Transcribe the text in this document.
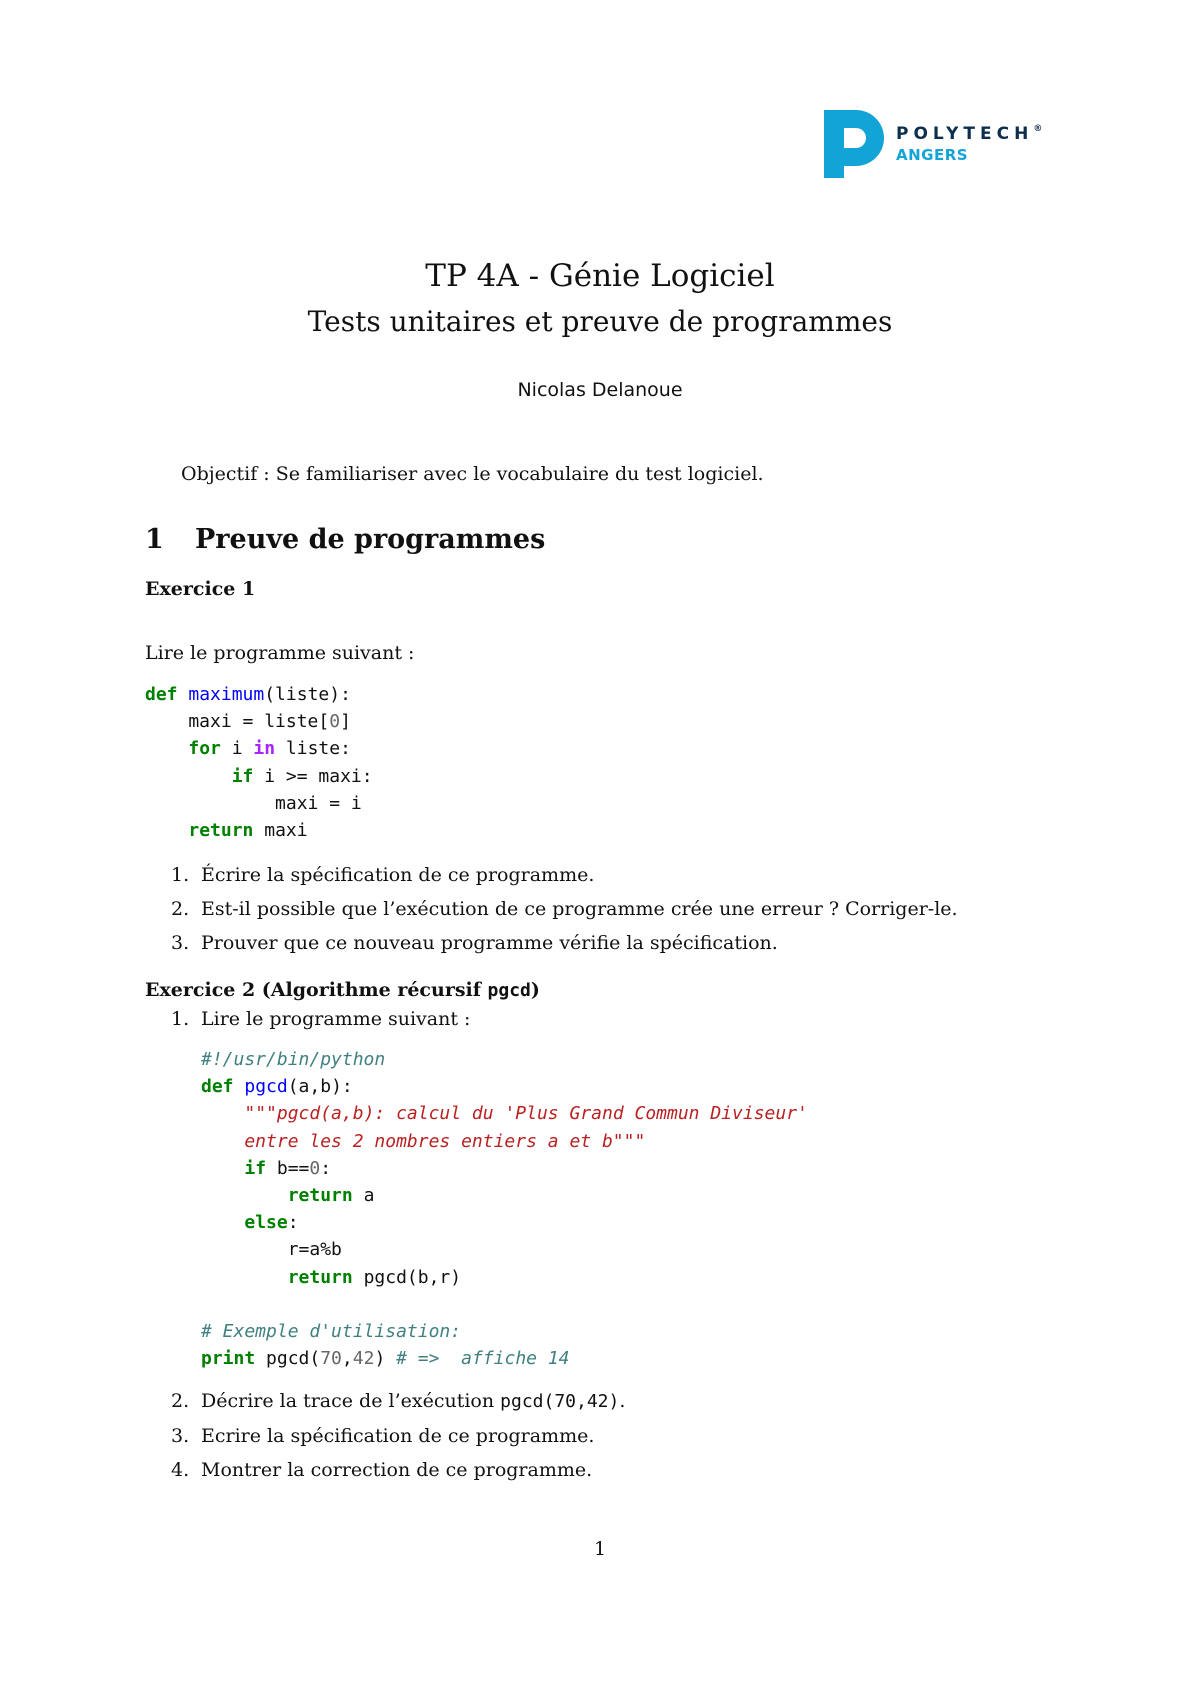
POLYTECH®
ANGERS
TP 4A - Génie Logiciel
Tests unitaires et preuve de programmes
Nicolas Delanoue
Objectif : Se familiariser avec le vocabulaire du test logiciel.
1 Preuve de programmes
Exercice 1
Lire le programme suivant :
def maximum(liste):
maxi = liste[0]
for i in liste:
if i >= maxi:
maxi = i
return maxi
1. Écrire la spécification de ce programme.
2. Est-il possible que l’exécution de ce programme crée une erreur ? Corriger-le.
3. Prouver que ce nouveau programme vérifie la spécification.
Exercice 2 (Algorithme récursif pgcd)
1. Lire le programme suivant :
#!/usr/bin/python
def pgcd(a,b):
"""pgcd(a,b): calcul du 'Plus Grand Commun Diviseur'
entre les 2 nombres entiers a et b"""
if b==0:
return a
else:
r=a%b
return pgcd(b,r)

# Exemple d'utilisation:
print pgcd(70,42) # =>  affiche 14
2. Décrire la trace de l’exécution pgcd(70,42).
3. Ecrire la spécification de ce programme.
4. Montrer la correction de ce programme.
1
